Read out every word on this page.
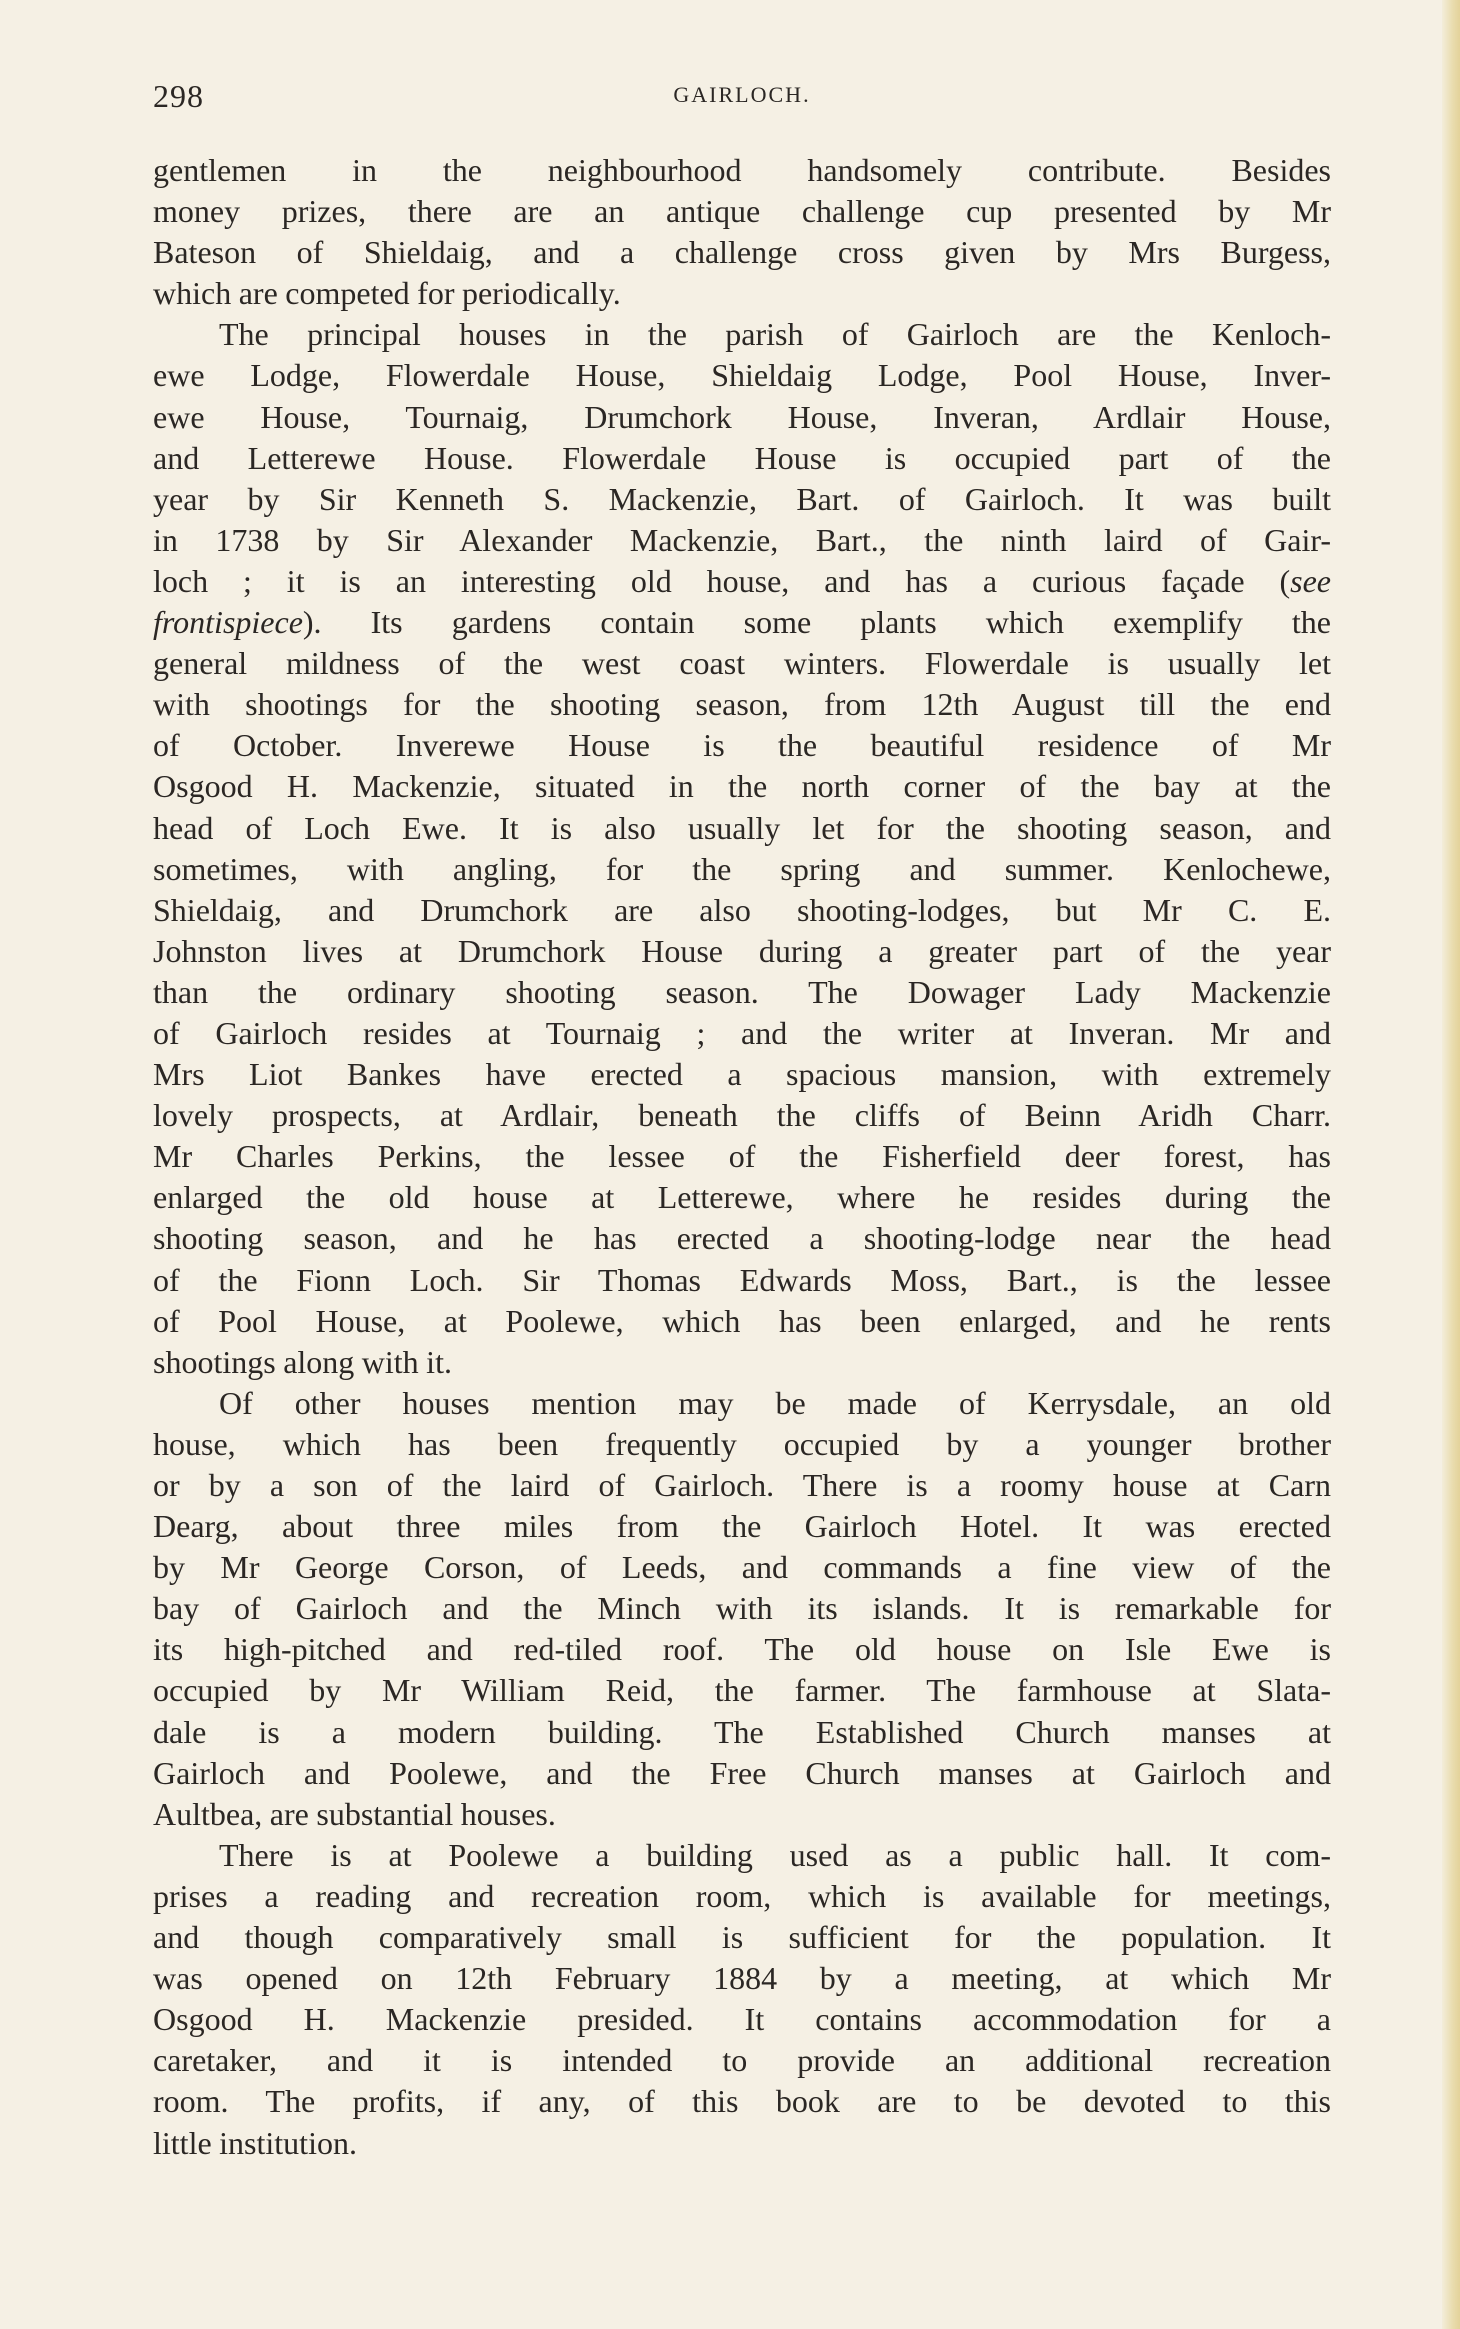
298	GAIRLOCH.
gentlemen in the neighbourhood handsomely contribute. Besides
money prizes, there are an antique challenge cup presented by Mr
Bateson of Shieldaig, and a challenge cross given by Mrs Burgess,
which are competed for periodically.
The principal houses in the parish of Gairloch are the Kenloch-
ewe Lodge, Flowerdale House, Shieldaig Lodge, Pool House, Inver-
ewe House, Tournaig, Drumchork House, Inveran, Ardlair House,
and Letterewe House. Flowerdale House is occupied part of the
year by Sir Kenneth S. Mackenzie, Bart. of Gairloch. It was built
in 1738 by Sir Alexander Mackenzie, Bart., the ninth laird of Gair-
loch ; it is an interesting old house, and has a curious façade (see
frontispiece). Its gardens contain some plants which exemplify the
general mildness of the west coast winters. Flowerdale is usually let
with shootings for the shooting season, from 12th August till the end
of October. Inverewe House is the beautiful residence of Mr
Osgood H. Mackenzie, situated in the north corner of the bay at the
head of Loch Ewe. It is also usually let for the shooting season, and
sometimes, with angling, for the spring and summer. Kenlochewe,
Shieldaig, and Drumchork are also shooting-lodges, but Mr C. E.
Johnston lives at Drumchork House during a greater part of the year
than the ordinary shooting season. The Dowager Lady Mackenzie
of Gairloch resides at Tournaig ; and the writer at Inveran. Mr and
Mrs Liot Bankes have erected a spacious mansion, with extremely
lovely prospects, at Ardlair, beneath the cliffs of Beinn Aridh Charr.
Mr Charles Perkins, the lessee of the Fisherfield deer forest, has
enlarged the old house at Letterewe, where he resides during the
shooting season, and he has erected a shooting-lodge near the head
of the Fionn Loch. Sir Thomas Edwards Moss, Bart., is the lessee
of Pool House, at Poolewe, which has been enlarged, and he rents
shootings along with it.
Of other houses mention may be made of Kerrysdale, an old
house, which has been frequently occupied by a younger brother
or by a son of the laird of Gairloch. There is a roomy house at Carn
Dearg, about three miles from the Gairloch Hotel. It was erected
by Mr George Corson, of Leeds, and commands a fine view of the
bay of Gairloch and the Minch with its islands. It is remarkable for
its high-pitched and red-tiled roof. The old house on Isle Ewe is
occupied by Mr William Reid, the farmer. The farmhouse at Slata-
dale is a modern building. The Established Church manses at
Gairloch and Poolewe, and the Free Church manses at Gairloch and
Aultbea, are substantial houses.
There is at Poolewe a building used as a public hall. It com-
prises a reading and recreation room, which is available for meetings,
and though comparatively small is sufficient for the population. It
was opened on 12th February 1884 by a meeting, at which Mr
Osgood H. Mackenzie presided. It contains accommodation for a
caretaker, and it is intended to provide an additional recreation
room. The profits, if any, of this book are to be devoted to this
little institution.
